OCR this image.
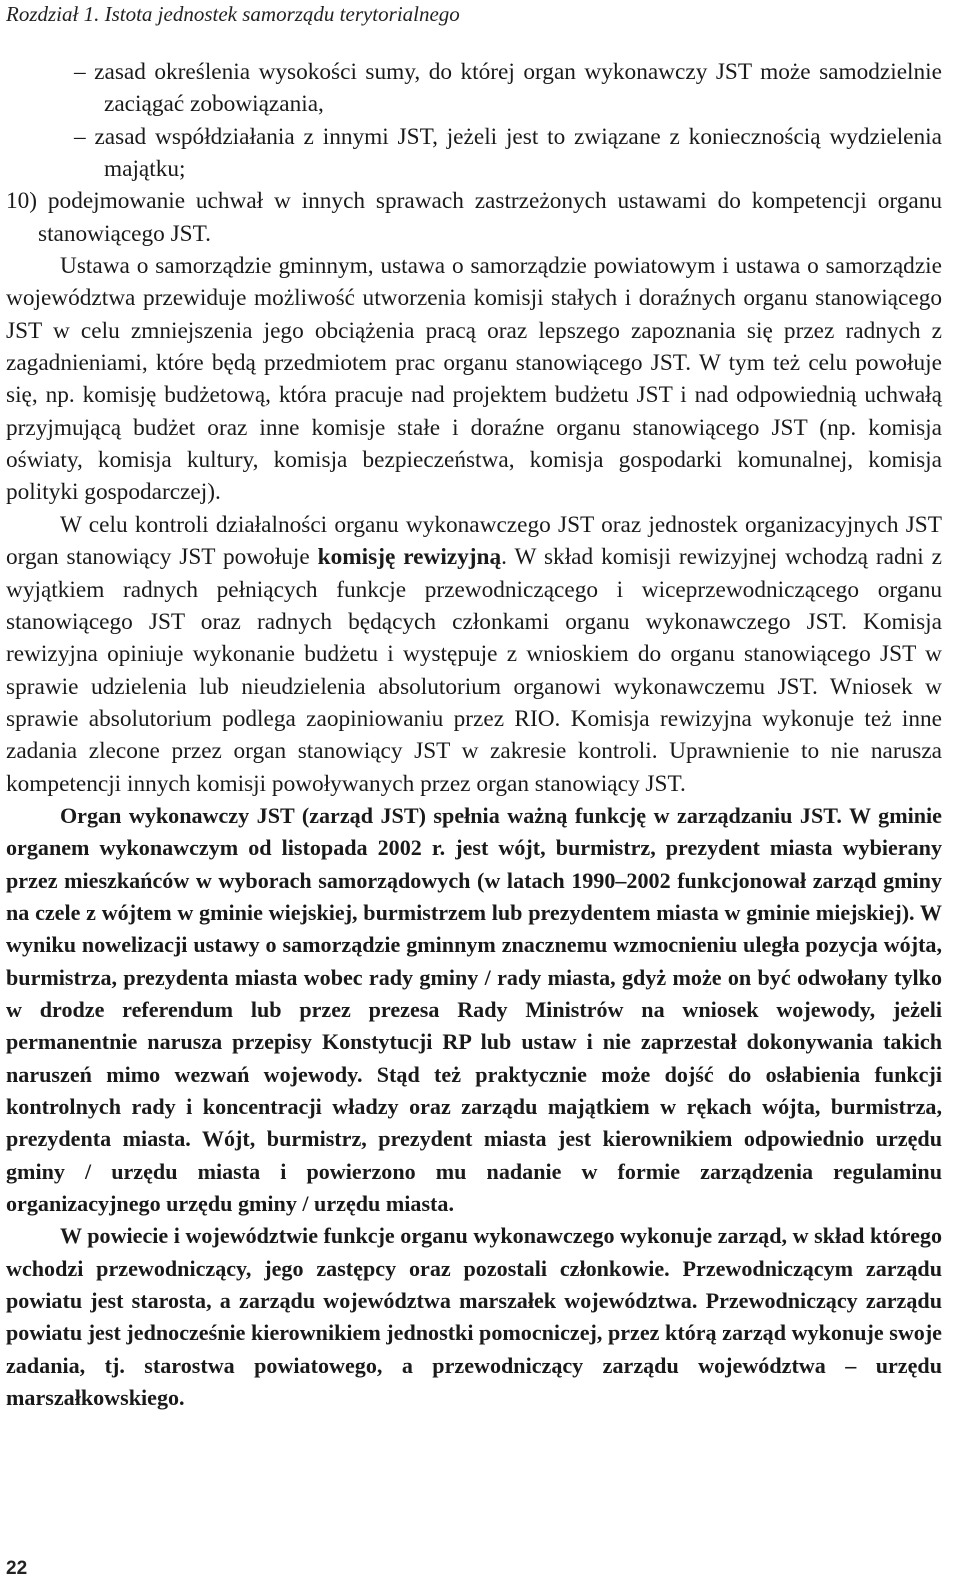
Rozdział 1. Istota jednostek samorządu terytorialnego

– zasad określenia wysokości sumy, do której organ wykonawczy JST może samodzielnie zaciągać zobowiązania,

– zasad współdziałania z innymi JST, jeżeli jest to związane z koniecznością wydzielenia majątku;

10) podejmowanie uchwał w innych sprawach zastrzeżonych ustawami do kompetencji organu stanowiącego JST.

Ustawa o samorządzie gminnym, ustawa o samorządzie powiatowym i ustawa o samorządzie województwa przewiduje możliwość utworzenia komisji stałych i doraźnych organu stanowiącego JST w celu zmniejszenia jego obciążenia pracą oraz lepszego zapoznania się przez radnych z zagadnieniami, które będą przedmiotem prac organu stanowiącego JST. W tym też celu powołuje się, np. komisję budżetową, która pracuje nad projektem budżetu JST i nad odpowiednią uchwałą przyjmującą budżet oraz inne komisje stałe i doraźne organu stanowiącego JST (np. komisja oświaty, komisja kultury, komisja bezpieczeństwa, komisja gospodarki komunalnej, komisja polityki gospodarczej).

W celu kontroli działalności organu wykonawczego JST oraz jednostek organizacyjnych JST organ stanowiący JST powołuje komisję rewizyjną. W skład komisji rewizyjnej wchodzą radni z wyjątkiem radnych pełniących funkcje przewodniczącego i wiceprzewodniczącego organu stanowiącego JST oraz radnych będących członkami organu wykonawczego JST. Komisja rewizyjna opiniuje wykonanie budżetu i występuje z wnioskiem do organu stanowiącego JST w sprawie udzielenia lub nieudzielenia absolutorium organowi wykonawczemu JST. Wniosek w sprawie absolutorium podlega zaopiniowaniu przez RIO. Komisja rewizyjna wykonuje też inne zadania zlecone przez organ stanowiący JST w zakresie kontroli. Uprawnienie to nie narusza kompetencji innych komisji powoływanych przez organ stanowiący JST.

Organ wykonawczy JST (zarząd JST) spełnia ważną funkcję w zarządzaniu JST. W gminie organem wykonawczym od listopada 2002 r. jest wójt, burmistrz, prezydent miasta wybierany przez mieszkańców w wyborach samorządowych (w latach 1990–2002 funkcjonował zarząd gminy na czele z wójtem w gminie wiejskiej, burmistrzem lub prezydentem miasta w gminie miejskiej). W wyniku nowelizacji ustawy o samorządzie gminnym znacznemu wzmocnieniu uległa pozycja wójta, burmistrza, prezydenta miasta wobec rady gminy / rady miasta, gdyż może on być odwołany tylko w drodze referendum lub przez prezesa Rady Ministrów na wniosek wojewody, jeżeli permanentnie narusza przepisy Konstytucji RP lub ustaw i nie zaprzestał dokonywania takich naruszeń mimo wezwań wojewody. Stąd też praktycznie może dojść do osłabienia funkcji kontrolnych rady i koncentracji władzy oraz zarządu majątkiem w rękach wójta, burmistrza, prezydenta miasta. Wójt, burmistrz, prezydent miasta jest kierownikiem odpowiednio urzędu gminy / urzędu miasta i powierzono mu nadanie w formie zarządzenia regulaminu organizacyjnego urzędu gminy / urzędu miasta.

W powiecie i województwie funkcje organu wykonawczego wykonuje zarząd, w skład którego wchodzi przewodniczący, jego zastępcy oraz pozostali członkowie. Przewodniczącym zarządu powiatu jest starosta, a zarządu województwa marszałek województwa. Przewodniczący zarządu powiatu jest jednocześnie kierownikiem jednostki pomocniczej, przez którą zarząd wykonuje swoje zadania, tj. starostwa powiatowego, a przewodniczący zarządu województwa – urzędu marszałkowskiego.

22
